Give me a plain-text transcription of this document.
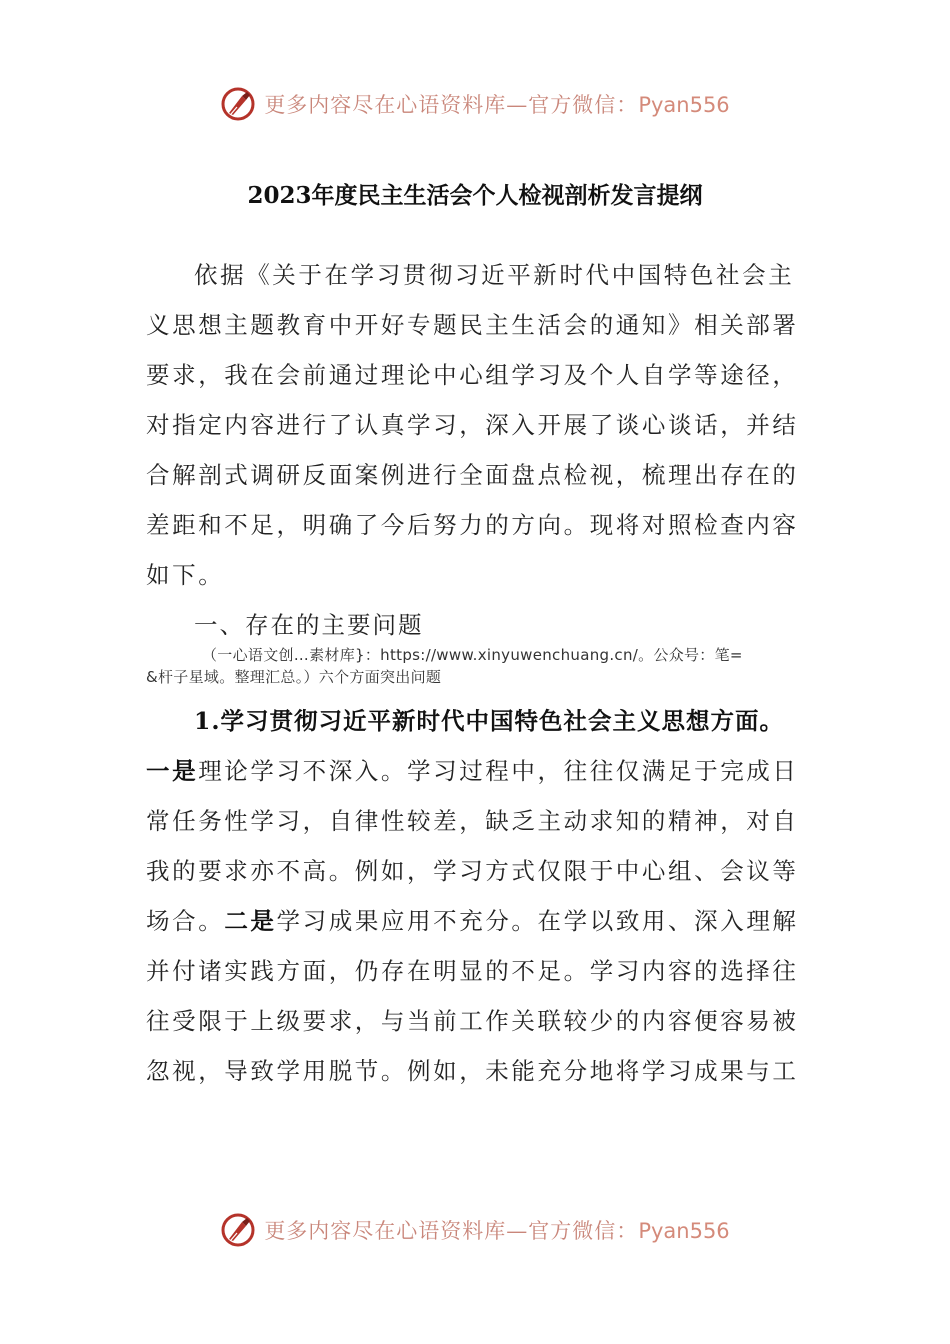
更多内容尽在心语资料库—官方微信：Pyan556
2023年度民主生活会个人检视剖析发言提纲
依据《关于在学习贯彻习近平新时代中国特色社会主
义思想主题教育中开好专题民主生活会的通知》相关部署
要求，我在会前通过理论中心组学习及个人自学等途径，
对指定内容进行了认真学习，深入开展了谈心谈话，并结
合解剖式调研反面案例进行全面盘点检视，梳理出存在的
差距和不足，明确了今后努力的方向。现将对照检查内容
如下。
一、存在的主要问题
（一心语文创…素材库}：https://www.xinyuwenchuang.cn/。公众号：笔=
&杆子星域。整理汇总。）六个方面突出问题
1.学习贯彻习近平新时代中国特色社会主义思想方面。
一是理论学习不深入。学习过程中，往往仅满足于完成日
常任务性学习，自律性较差，缺乏主动求知的精神，对自
我的要求亦不高。例如，学习方式仅限于中心组、会议等
场合。二是学习成果应用不充分。在学以致用、深入理解
并付诸实践方面，仍存在明显的不足。学习内容的选择往
往受限于上级要求，与当前工作关联较少的内容便容易被
忽视，导致学用脱节。例如，未能充分地将学习成果与工
更多内容尽在心语资料库—官方微信：Pyan556
